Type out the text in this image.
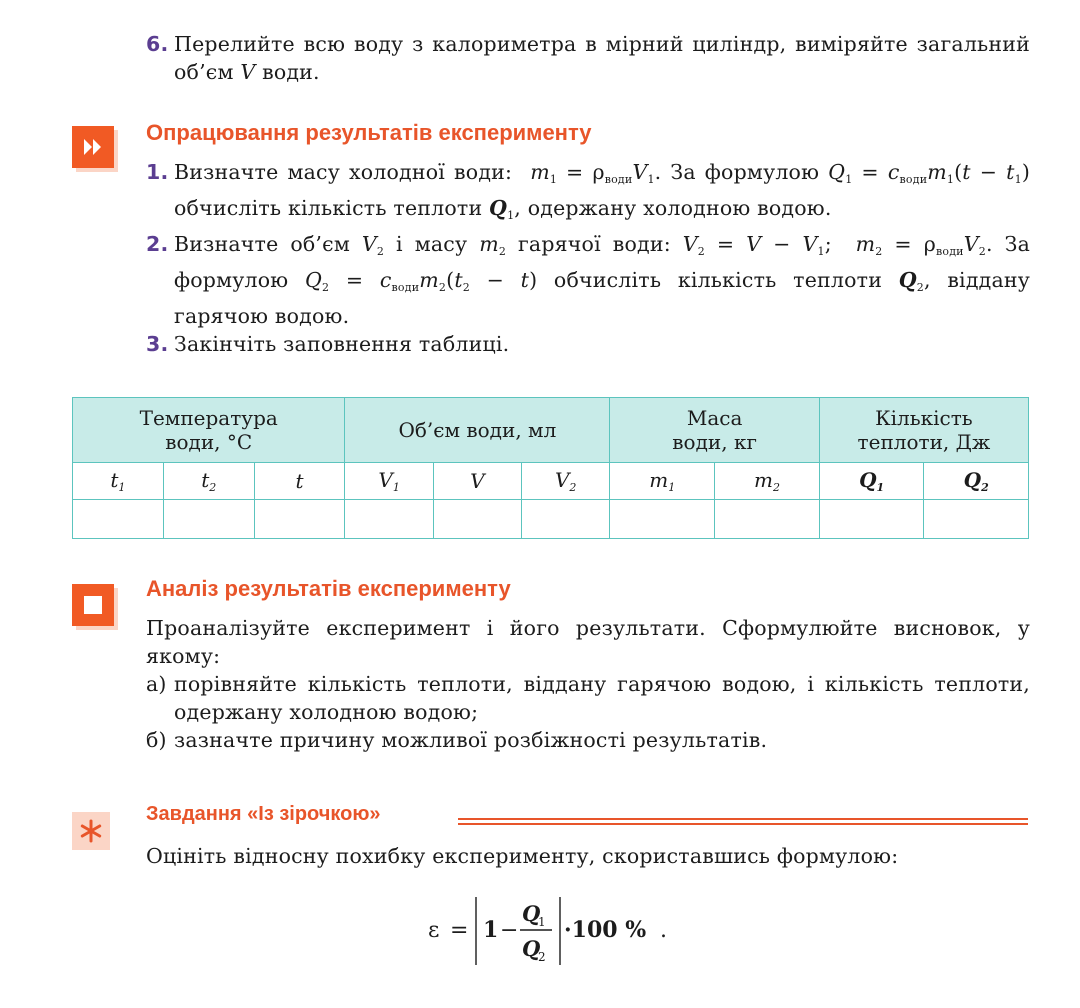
6. Перелийте всю воду з калориметра в мірний циліндр, виміряйте загальний об’єм V води.
Опрацювання результатів експерименту
1. Визначте масу холодної води:  $m_1 = \rho_{води}V_1$. За формулою $Q_1 = c_{води}m_1(t - t_1)$ обчисліть кількість теплоти $Q_1$, одержану холодною водою.
2. Визначте об’єм $V_2$ і масу $m_2$ гарячої води: $V_2 = V - V_1$;  $m_2 = \rho_{води}V_2$. За формулою $Q_2 = c_{води}m_2(t_2 - t)$ обчисліть кількість теплоти $Q_2$, віддану гарячою водою.
3. Закінчіть заповнення таблиці.
Температура води, °С			Об’єм води, мл			Маса води, кг		Кількість теплоти, Дж	
$t_1$	$t_2$	t	$V_1$	V	$V_2$	$m_1$	$m_2$	$Q_1$	$Q_2$

Аналіз результатів експерименту
Проаналізуйте експеримент і його результати. Сформулюйте висновок, у якому:
а) порівняйте кількість теплоти, віддану гарячою водою, і кількість теплоти, одержану холодною водою;
б) зазначте причину можливої розбіжності результатів.
Завдання «Із зірочкою»
Оцініть відносну похибку експерименту, скориставшись формулою:
ε = 1 −
Q
1
Q
2
·100 % .
